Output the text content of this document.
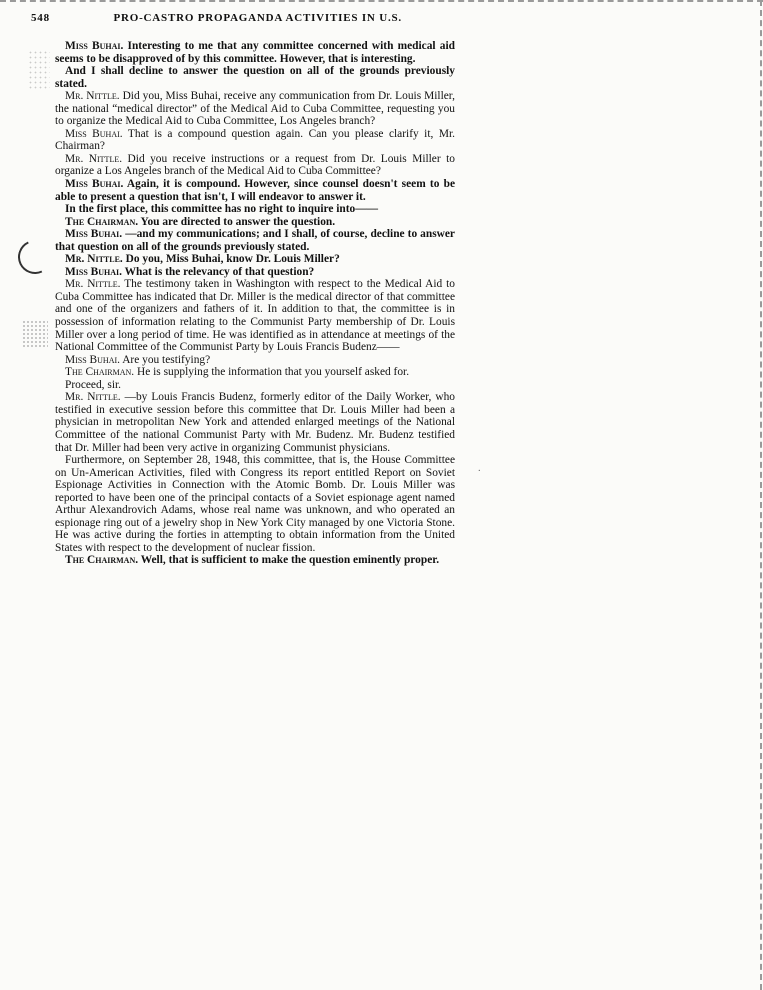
·
548	PRO-CASTRO PROPAGANDA ACTIVITIES IN U.S.

Miss Buhai. Interesting to me that any committee concerned with medical aid seems to be disapproved of by this committee. However, that is interesting.

And I shall decline to answer the question on all of the grounds previously stated.

Mr. Nittle. Did you, Miss Buhai, receive any communication from Dr. Louis Miller, the national “medical director” of the Medical Aid to Cuba Committee, requesting you to organize the Medical Aid to Cuba Committee, Los Angeles branch?

Miss Buhai. That is a compound question again. Can you please clarify it, Mr. Chairman?

Mr. Nittle. Did you receive instructions or a request from Dr. Louis Miller to organize a Los Angeles branch of the Medical Aid to Cuba Committee?

Miss Buhai. Again, it is compound. However, since counsel doesn't seem to be able to present a question that isn't, I will endeavor to answer it.

In the first place, this committee has no right to inquire into——

The Chairman. You are directed to answer the question.

Miss Buhai. —and my communications; and I shall, of course, decline to answer that question on all of the grounds previously stated.

Mr. Nittle. Do you, Miss Buhai, know Dr. Louis Miller?

Miss Buhai. What is the relevancy of that question?

Mr. Nittle. The testimony taken in Washington with respect to the Medical Aid to Cuba Committee has indicated that Dr. Miller is the medical director of that committee and one of the organizers and fathers of it. In addition to that, the committee is in possession of information relating to the Communist Party membership of Dr. Louis Miller over a long period of time. He was identified as in attendance at meetings of the National Committee of the Communist Party by Louis Francis Budenz——

Miss Buhai. Are you testifying?

The Chairman. He is supplying the information that you yourself asked for.

Proceed, sir.

Mr. Nittle. —by Louis Francis Budenz, formerly editor of the Daily Worker, who testified in executive session before this committee that Dr. Louis Miller had been a physician in metropolitan New York and attended enlarged meetings of the National Committee of the national Communist Party with Mr. Budenz. Mr. Budenz testified that Dr. Miller had been very active in organizing Communist physicians.

Furthermore, on September 28, 1948, this committee, that is, the House Committee on Un-American Activities, filed with Congress its report entitled Report on Soviet Espionage Activities in Connection with the Atomic Bomb. Dr. Louis Miller was reported to have been one of the principal contacts of a Soviet espionage agent named Arthur Alexandrovich Adams, whose real name was unknown, and who operated an espionage ring out of a jewelry shop in New York City managed by one Victoria Stone. He was active during the forties in attempting to obtain information from the United States with respect to the development of nuclear fission.

The Chairman. Well, that is sufficient to make the question eminently proper.
